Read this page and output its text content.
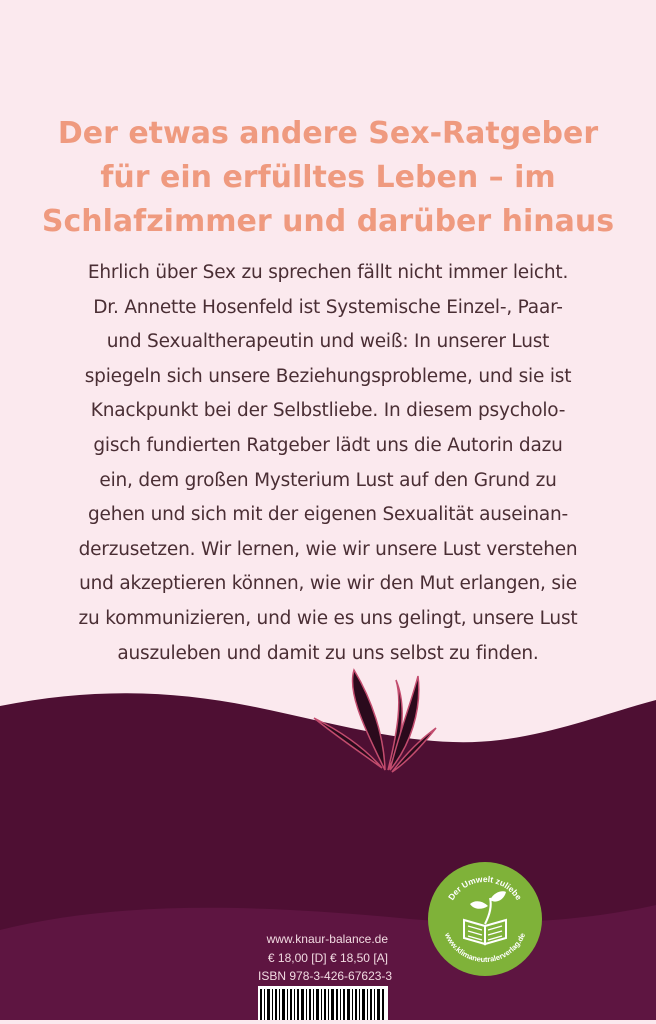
Der etwas andere Sex-Ratgeber
für ein erfülltes Leben – im
Schlafzimmer und darüber hinaus
Ehrlich über Sex zu sprechen fällt nicht immer leicht.
Dr. Annette Hosenfeld ist Systemische Einzel-, Paar-
und Sexualtherapeutin und weiß: In unserer Lust
spiegeln sich unsere Beziehungsprobleme, und sie ist
Knackpunkt bei der Selbstliebe. In diesem psycholo-
gisch fundierten Ratgeber lädt uns die Autorin dazu
ein, dem großen Mysterium Lust auf den Grund zu
gehen und sich mit der eigenen Sexualität auseinan-
derzusetzen. Wir lernen, wie wir unsere Lust verstehen
und akzeptieren können, wie wir den Mut erlangen, sie
zu kommunizieren, und wie es uns gelingt, unsere Lust
auszuleben und damit zu uns selbst zu finden.
www.knaur-balance.de
€ 18,00 [D] € 18,50 [A]
ISBN 978-3-426-67623-3
Der Umwelt zuliebe
www.klimaneutralerverlag.de
